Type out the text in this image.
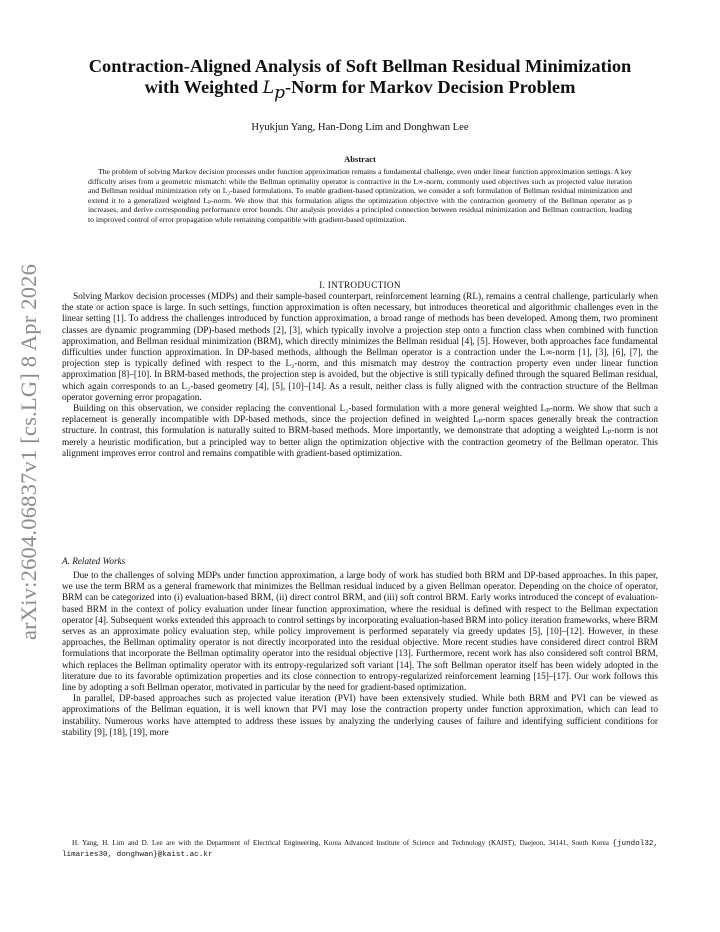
arXiv:2604.06837v1 [cs.LG] 8 Apr 2026
Contraction-Aligned Analysis of Soft Bellman Residual Minimization
with Weighted $L_p$-Norm for Markov Decision Problem
Hyukjun Yang, Han-Dong Lim and Donghwan Lee
Abstract

The problem of solving Markov decision processes under function approximation remains a fundamental challenge, even under linear function approximation settings. A key difficulty arises from a geometric mismatch: while the Bellman optimality operator is contractive in the L∞-norm, commonly used objectives such as projected value iteration and Bellman residual minimization rely on L₂-based formulations. To enable gradient-based optimization, we consider a soft formulation of Bellman residual minimization and extend it to a generalized weighted Lₚ-norm. We show that this formulation aligns the optimization objective with the contraction geometry of the Bellman operator as p increases, and derive corresponding performance error bounds. Our analysis provides a principled connection between residual minimization and Bellman contraction, leading to improved control of error propagation while remaining compatible with gradient-based optimization.

I. INTRODUCTION

Solving Markov decision processes (MDPs) and their sample-based counterpart, reinforcement learning (RL), remains a central challenge, particularly when the state or action space is large. In such settings, function approximation is often necessary, but introduces theoretical and algorithmic challenges even in the linear setting [1]. To address the challenges introduced by function approximation, a broad range of methods has been developed. Among them, two prominent classes are dynamic programming (DP)-based methods [2], [3], which typically involve a projection step onto a function class when combined with function approximation, and Bellman residual minimization (BRM), which directly minimizes the Bellman residual [4], [5]. However, both approaches face fundamental difficulties under function approximation. In DP-based methods, although the Bellman operator is a contraction under the L∞-norm [1], [3], [6], [7], the projection step is typically defined with respect to the L₂-norm, and this mismatch may destroy the contraction property even under linear function approximation [8]–[10]. In BRM-based methods, the projection step is avoided, but the objective is still typically defined through the squared Bellman residual, which again corresponds to an L₂-based geometry [4], [5], [10]–[14]. As a result, neither class is fully aligned with the contraction structure of the Bellman operator governing error propagation.

Building on this observation, we consider replacing the conventional L₂-based formulation with a more general weighted Lₚ-norm. We show that such a replacement is generally incompatible with DP-based methods, since the projection defined in weighted Lₚ-norm spaces generally break the contraction structure. In contrast, this formulation is naturally suited to BRM-based methods. More importantly, we demonstrate that adopting a weighted Lₚ-norm is not merely a heuristic modification, but a principled way to better align the optimization objective with the contraction geometry of the Bellman operator. This alignment improves error control and remains compatible with gradient-based optimization.

A. Related Works

Due to the challenges of solving MDPs under function approximation, a large body of work has studied both BRM and DP-based approaches. In this paper, we use the term BRM as a general framework that minimizes the Bellman residual induced by a given Bellman operator. Depending on the choice of operator, BRM can be categorized into (i) evaluation-based BRM, (ii) direct control BRM, and (iii) soft control BRM. Early works introduced the concept of evaluation-based BRM in the context of policy evaluation under linear function approximation, where the residual is defined with respect to the Bellman expectation operator [4]. Subsequent works extended this approach to control settings by incorporating evaluation-based BRM into policy iteration frameworks, where BRM serves as an approximate policy evaluation step, while policy improvement is performed separately via greedy updates [5], [10]–[12]. However, in these approaches, the Bellman optimality operator is not directly incorporated into the residual objective. More recent studies have considered direct control BRM formulations that incorporate the Bellman optimality operator into the residual objective [13]. Furthermore, recent work has also considered soft control BRM, which replaces the Bellman optimality operator with its entropy-regularized soft variant [14]. The soft Bellman operator itself has been widely adopted in the literature due to its favorable optimization properties and its close connection to entropy-regularized reinforcement learning [15]–[17]. Our work follows this line by adopting a soft Bellman operator, motivated in particular by the need for gradient-based optimization.

In parallel, DP-based approaches such as projected value iteration (PVI) have been extensively studied. While both BRM and PVI can be viewed as approximations of the Bellman equation, it is well known that PVI may lose the contraction property under function approximation, which can lead to instability. Numerous works have attempted to address these issues by analyzing the underlying causes of failure and identifying sufficient conditions for stability [9], [18], [19], more

H. Yang, H. Lim and D. Lee are with the Department of Electrical Engineering, Korea Advanced Institute of Science and Technology (KAIST), Daejeon, 34141, South Korea {jundol32, limaries30, donghwan}@kaist.ac.kr
